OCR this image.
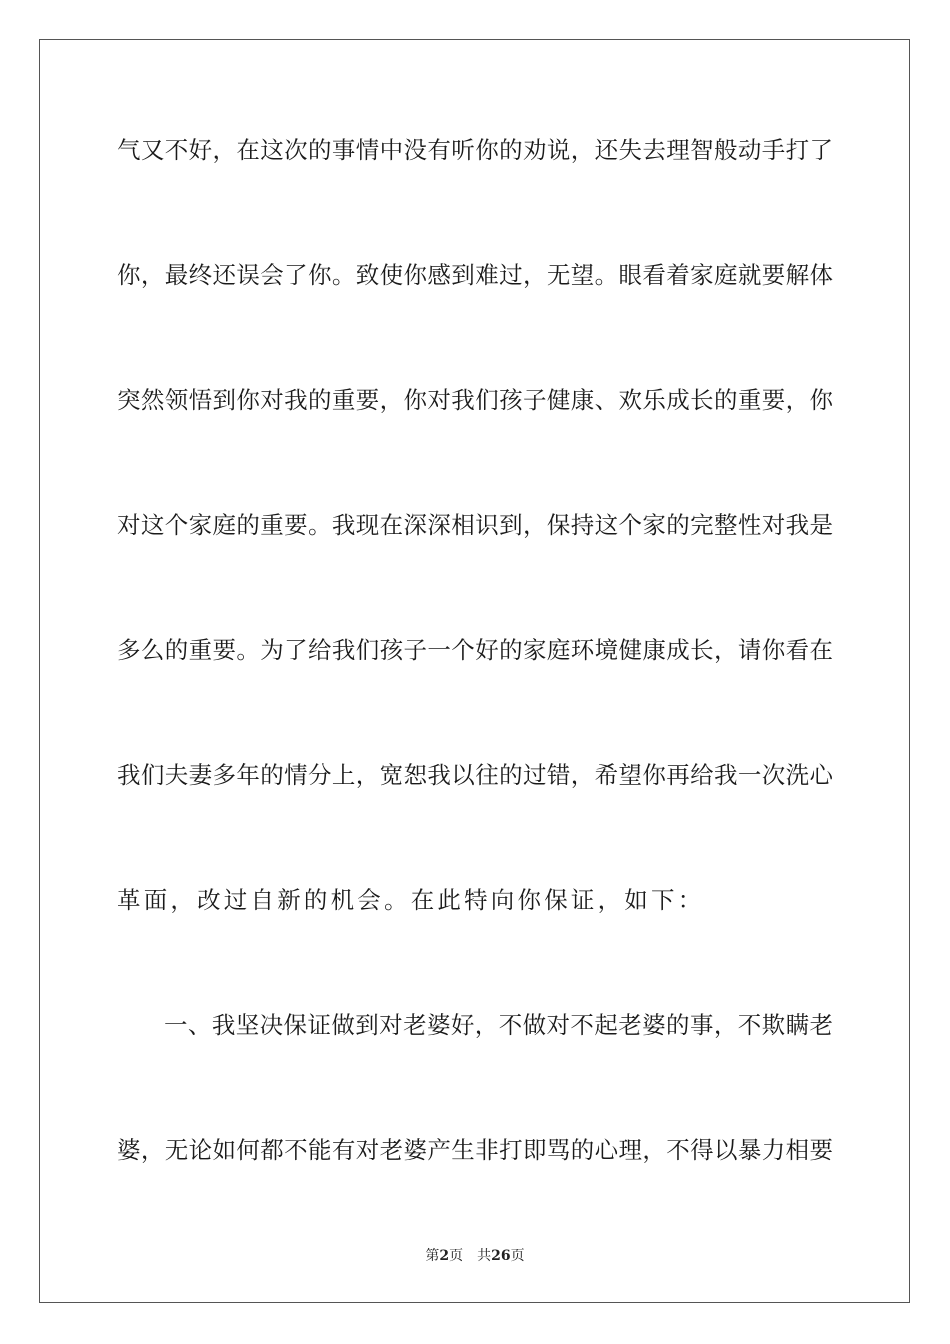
气又不好，在这次的事情中没有听你的劝说，还失去理智般动手打了
你，最终还误会了你。致使你感到难过，无望。眼看着家庭就要解体
突然领悟到你对我的重要，你对我们孩子健康、欢乐成长的重要，你
对这个家庭的重要。我现在深深相识到，保持这个家的完整性对我是
多么的重要。为了给我们孩子一个好的家庭环境健康成长，请你看在
我们夫妻多年的情分上，宽恕我以往的过错，希望你再给我一次洗心
革面，改过自新的机会。在此特向你保证，如下：
一、我坚决保证做到对老婆好，不做对不起老婆的事，不欺瞒老
婆，无论如何都不能有对老婆产生非打即骂的心理，不得以暴力相要
第2页 共26页
